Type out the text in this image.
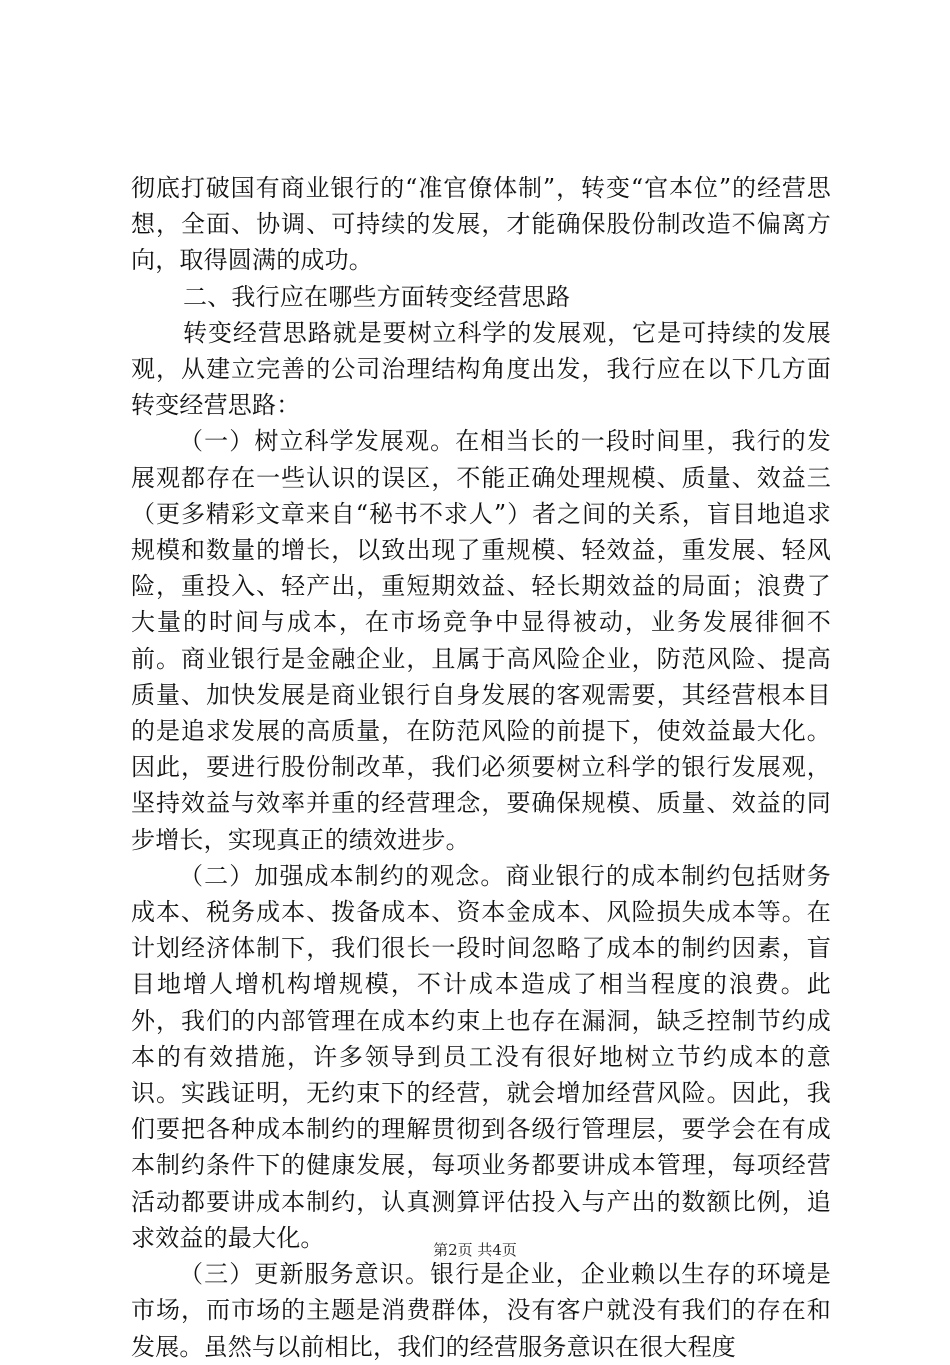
彻底打破国有商业银行的“准官僚体制”，转变“官本位”的经营思想，全面、协调、可持续的发展，才能确保股份制改造不偏离方向，取得圆满的成功。

二、我行应在哪些方面转变经营思路

转变经营思路就是要树立科学的发展观，它是可持续的发展观，从建立完善的公司治理结构角度出发，我行应在以下几方面转变经营思路：

（一）树立科学发展观。在相当长的一段时间里，我行的发展观都存在一些认识的误区，不能正确处理规模、质量、效益三（更多精彩文章来自“秘书不求人”）者之间的关系，盲目地追求规模和数量的增长，以致出现了重规模、轻效益，重发展、轻风险，重投入、轻产出，重短期效益、轻长期效益的局面；浪费了大量的时间与成本，在市场竞争中显得被动，业务发展徘徊不前。商业银行是金融企业，且属于高风险企业，防范风险、提高质量、加快发展是商业银行自身发展的客观需要，其经营根本目的是追求发展的高质量，在防范风险的前提下，使效益最大化。因此，要进行股份制改革，我们必须要树立科学的银行发展观，坚持效益与效率并重的经营理念，要确保规模、质量、效益的同步增长，实现真正的绩效进步。

（二）加强成本制约的观念。商业银行的成本制约包括财务成本、税务成本、拨备成本、资本金成本、风险损失成本等。在计划经济体制下，我们很长一段时间忽略了成本的制约因素，盲目地增人增机构增规模，不计成本造成了相当程度的浪费。此外，我们的内部管理在成本约束上也存在漏洞，缺乏控制节约成本的有效措施，许多领导到员工没有很好地树立节约成本的意识。实践证明，无约束下的经营，就会增加经营风险。因此，我们要把各种成本制约的理解贯彻到各级行管理层，要学会在有成本制约条件下的健康发展，每项业务都要讲成本管理，每项经营活动都要讲成本制约，认真测算评估投入与产出的数额比例，追求效益的最大化。

（三）更新服务意识。银行是企业，企业赖以生存的环境是市场，而市场的主题是消费群体，没有客户就没有我们的存在和发展。虽然与以前相比，我们的经营服务意识在很大程度

第2页 共4页
